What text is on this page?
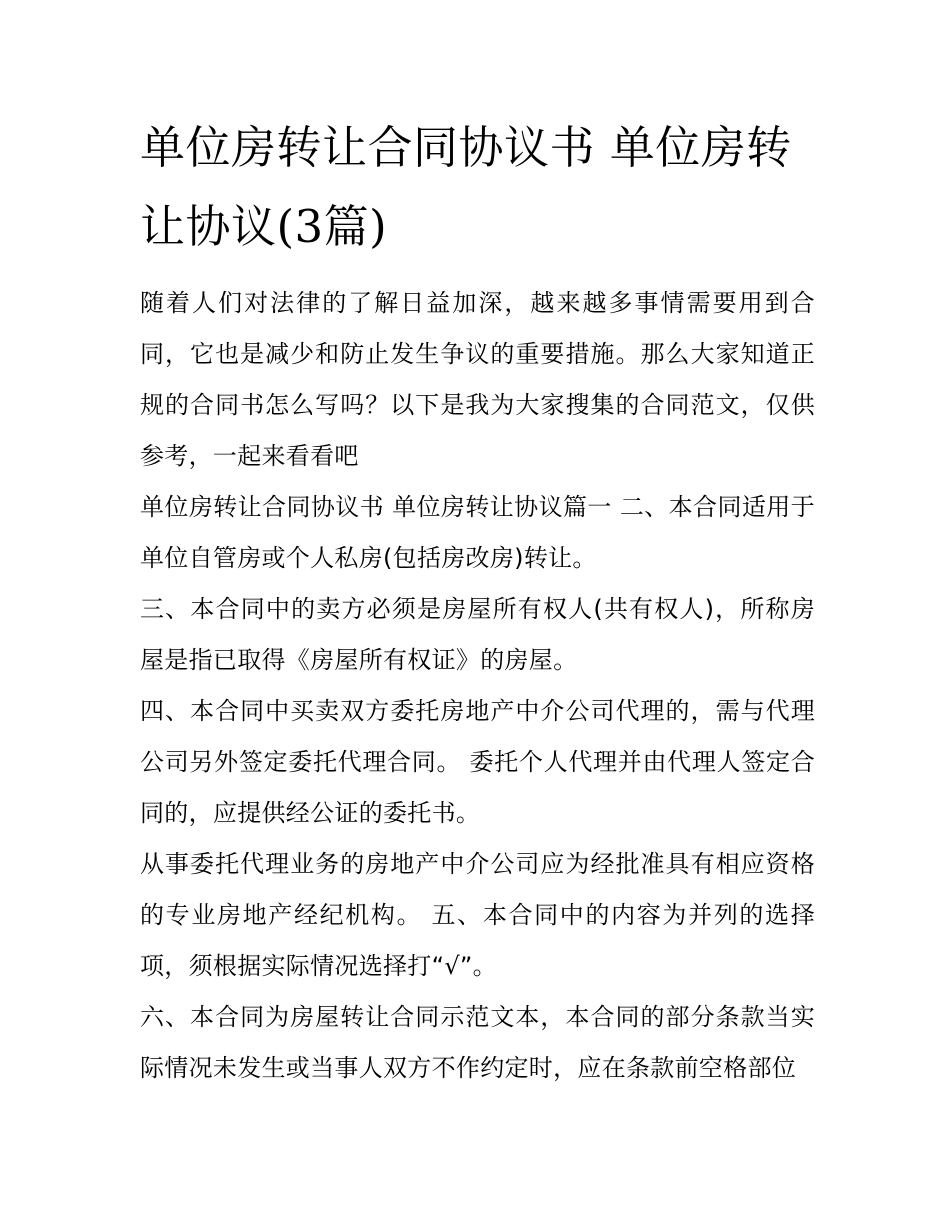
单位房转让合同协议书 单位房转让协议(3篇)

随着人们对法律的了解日益加深，越来越多事情需要用到合同，它也是减少和防止发生争议的重要措施。那么大家知道正规的合同书怎么写吗？以下是我为大家搜集的合同范文，仅供参考，一起来看看吧

单位房转让合同协议书 单位房转让协议篇一 二、本合同适用于单位自管房或个人私房(包括房改房)转让。

三、本合同中的卖方必须是房屋所有权人(共有权人)，所称房屋是指已取得《房屋所有权证》的房屋。

四、本合同中买卖双方委托房地产中介公司代理的，需与代理公司另外签定委托代理合同。 委托个人代理并由代理人签定合同的，应提供经公证的委托书。

从事委托代理业务的房地产中介公司应为经批准具有相应资格的专业房地产经纪机构。 五、本合同中的内容为并列的选择项，须根据实际情况选择打“√”。

六、本合同为房屋转让合同示范文本，本合同的部分条款当实际情况未发生或当事人双方不作约定时，应在条款前空格部位
